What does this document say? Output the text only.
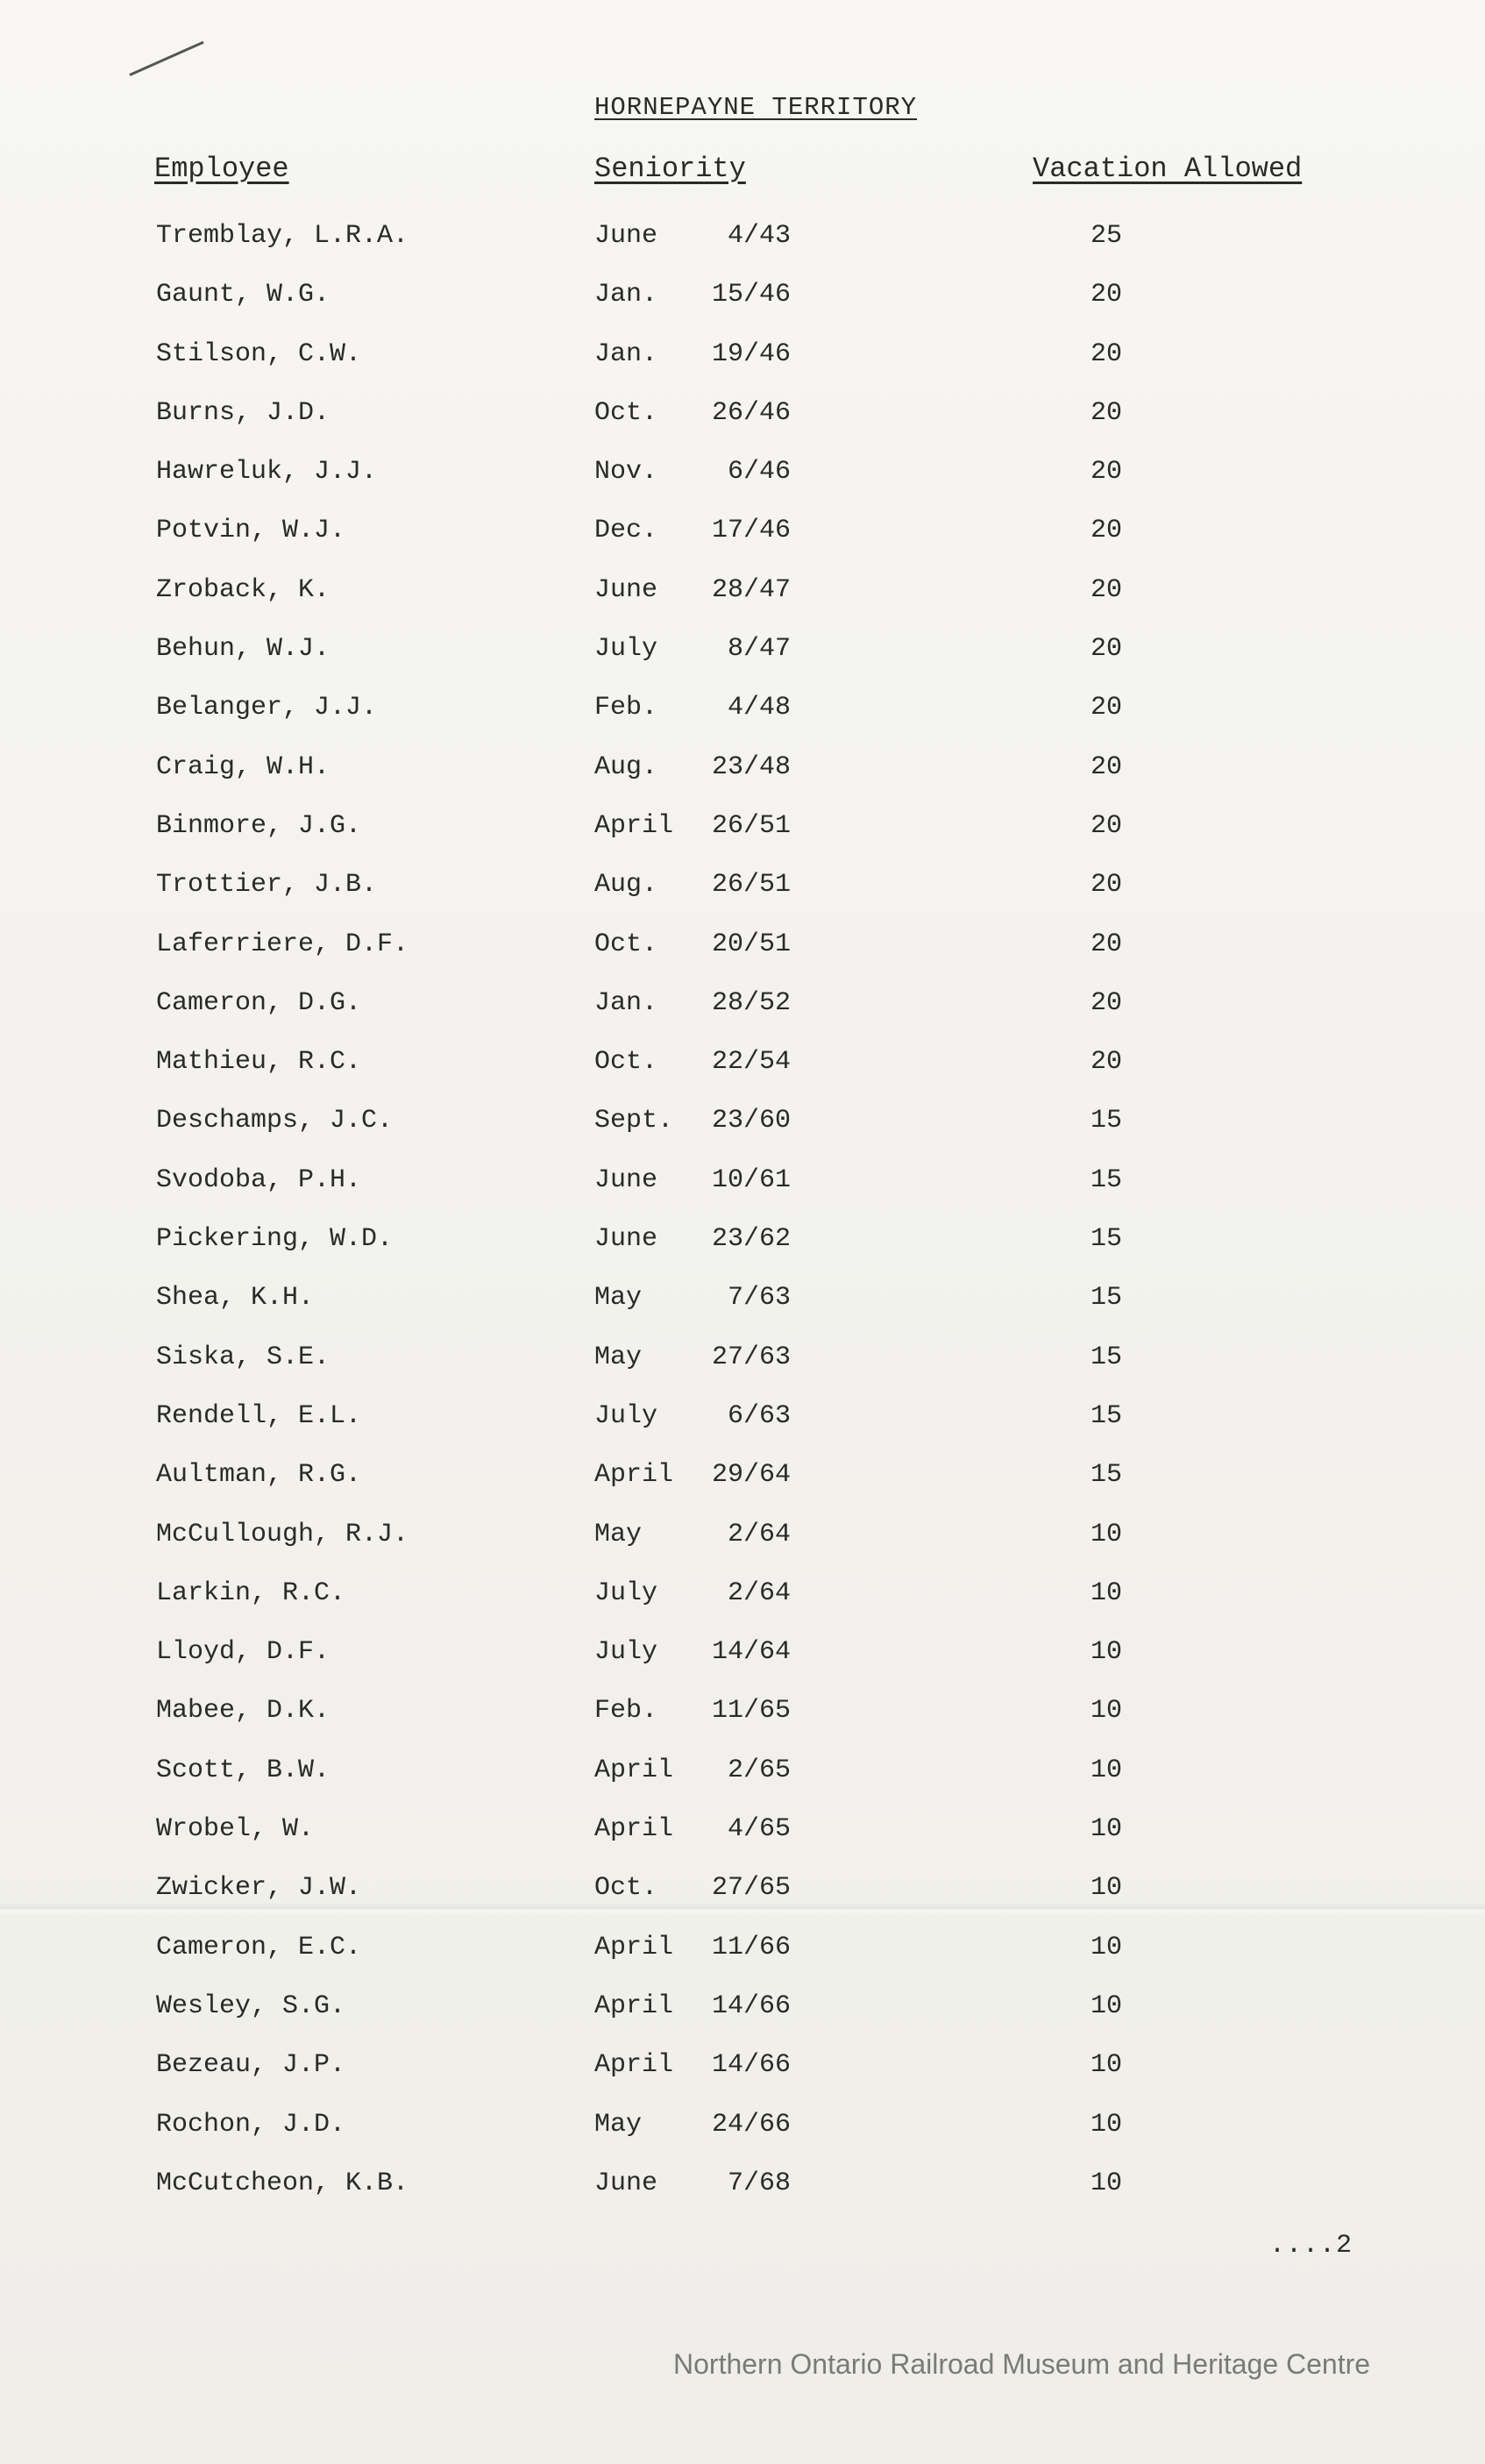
HORNEPAYNE TERRITORY
Employee	Seniority	Vacation Allowed
Tremblay, L.R.A.	June	4/43	25
Gaunt, W.G.	Jan.	15/46	20
Stilson, C.W.	Jan.	19/46	20
Burns, J.D.	Oct.	26/46	20
Hawreluk, J.J.	Nov.	6/46	20
Potvin, W.J.	Dec.	17/46	20
Zroback, K.	June	28/47	20
Behun, W.J.	July	8/47	20
Belanger, J.J.	Feb.	4/48	20
Craig, W.H.	Aug.	23/48	20
Binmore, J.G.	April	26/51	20
Trottier, J.B.	Aug.	26/51	20
Laferriere, D.F.	Oct.	20/51	20
Cameron, D.G.	Jan.	28/52	20
Mathieu, R.C.	Oct.	22/54	20
Deschamps, J.C.	Sept.	23/60	15
Svodoba, P.H.	June	10/61	15
Pickering, W.D.	June	23/62	15
Shea, K.H.	May	7/63	15
Siska, S.E.	May	27/63	15
Rendell, E.L.	July	6/63	15
Aultman, R.G.	April	29/64	15
McCullough, R.J.	May	2/64	10
Larkin, R.C.	July	2/64	10
Lloyd, D.F.	July	14/64	10
Mabee, D.K.	Feb.	11/65	10
Scott, B.W.	April	2/65	10
Wrobel, W.	April	4/65	10
Zwicker, J.W.	Oct.	27/65	10
Cameron, E.C.	April	11/66	10
Wesley, S.G.	April	14/66	10
Bezeau, J.P.	April	14/66	10
Rochon, J.D.	May	24/66	10
McCutcheon, K.B.	June	7/68	10
....2
Northern Ontario Railroad Museum and Heritage Centre
